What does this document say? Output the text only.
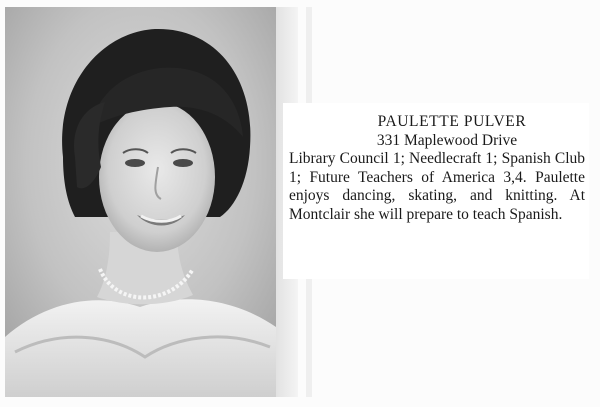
PAULETTE PULVER
331 Maplewood Drive
Library Council 1; Needlecraft 1; Spanish Club 1; Future Teachers of America 3,4. Paulette enjoys dancing, skating, and knitting. At Montclair she will prepare to teach Spanish.
